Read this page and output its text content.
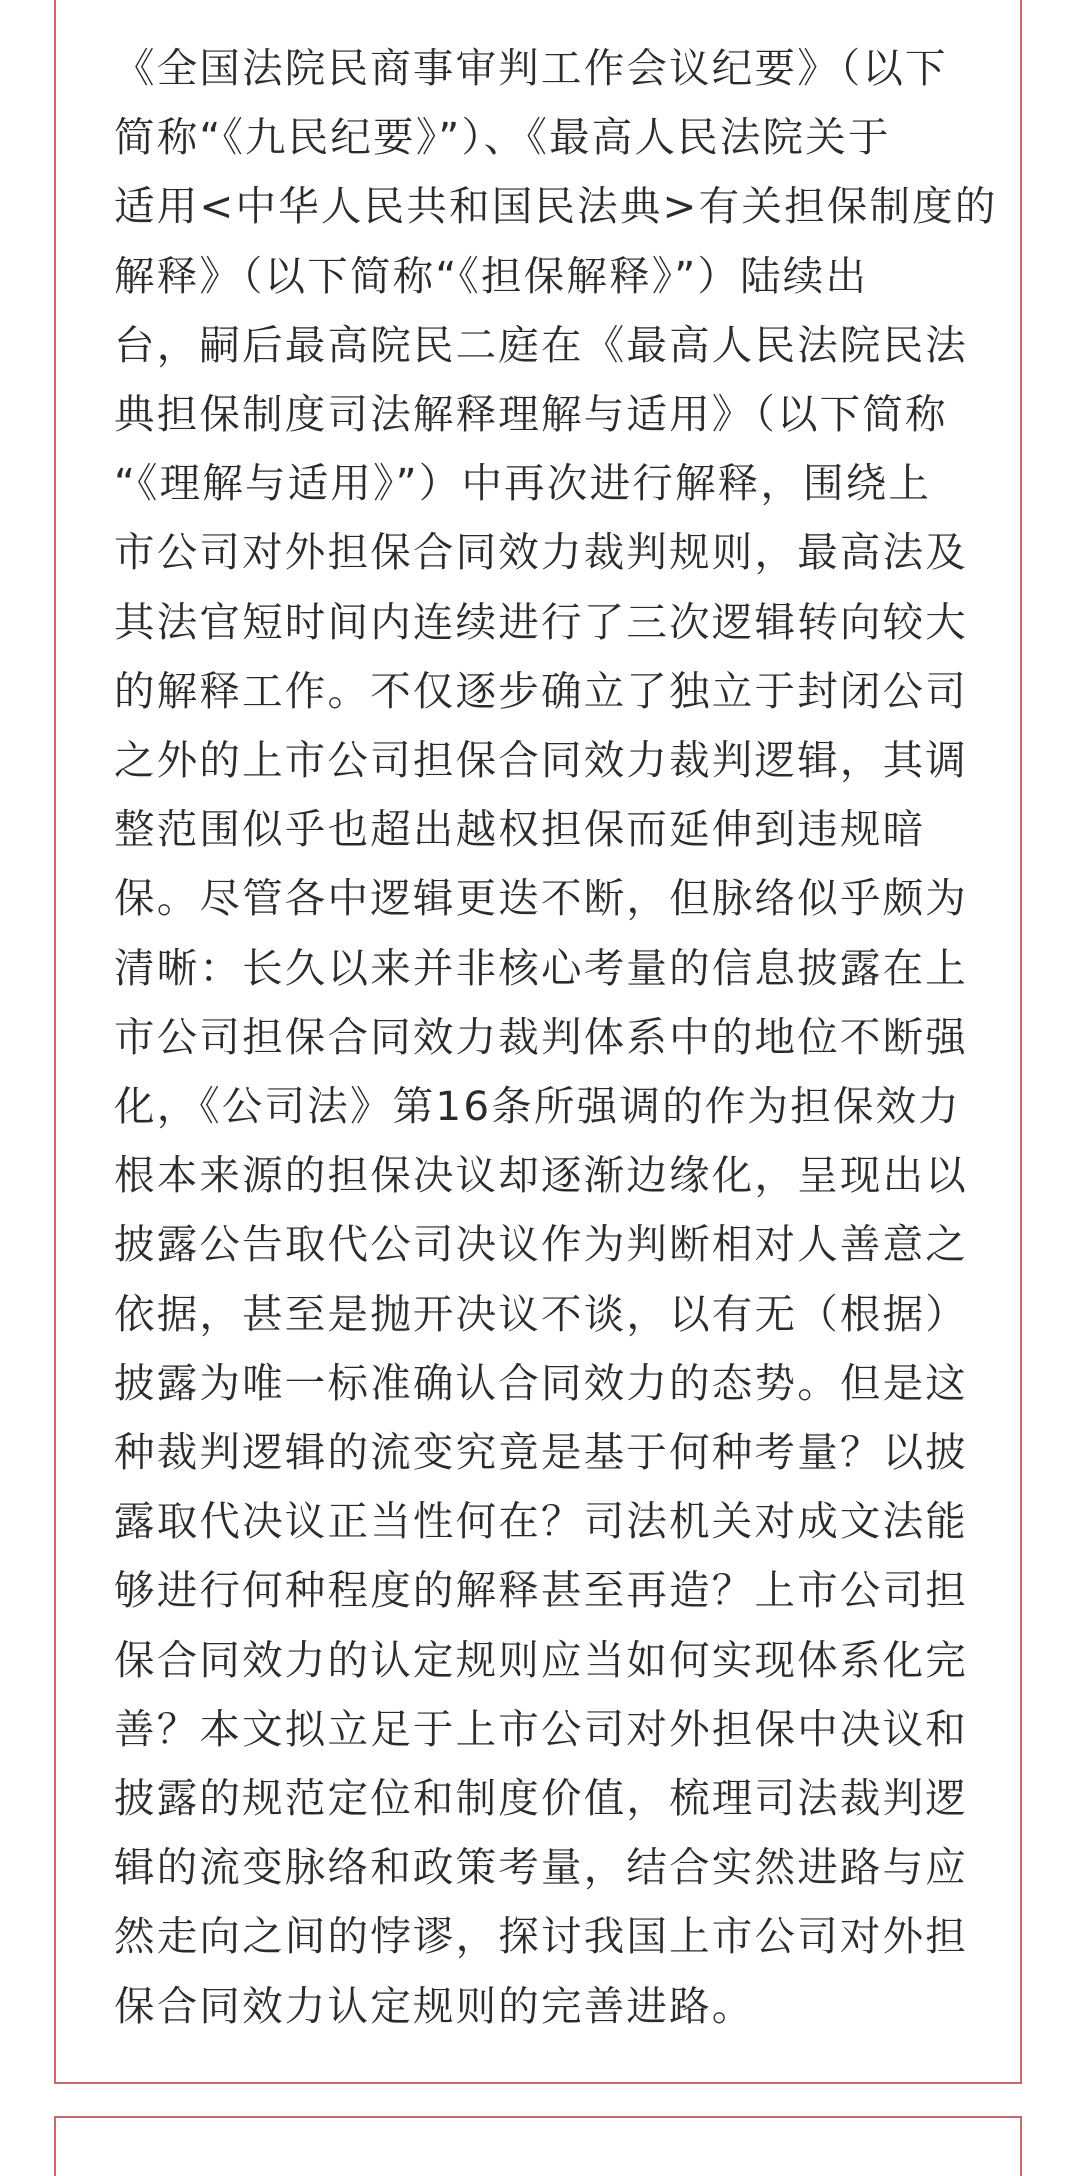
《全国法院民商事审判工作会议纪要》（以下
简称“《九民纪要》”）、《最高人民法院关于
适用<中华人民共和国民法典>有关担保制度的
解释》（以下简称“《担保解释》”）陆续出
台，嗣后最高院民二庭在《最高人民法院民法
典担保制度司法解释理解与适用》（以下简称
“《理解与适用》”）中再次进行解释，围绕上
市公司对外担保合同效力裁判规则，最高法及
其法官短时间内连续进行了三次逻辑转向较大
的解释工作。不仅逐步确立了独立于封闭公司
之外的上市公司担保合同效力裁判逻辑，其调
整范围似乎也超出越权担保而延伸到违规暗
保。尽管各中逻辑更迭不断，但脉络似乎颇为
清晰：长久以来并非核心考量的信息披露在上
市公司担保合同效力裁判体系中的地位不断强
化，《公司法》第16条所强调的作为担保效力
根本来源的担保决议却逐渐边缘化，呈现出以
披露公告取代公司决议作为判断相对人善意之
依据，甚至是抛开决议不谈，以有无（根据）
披露为唯一标准确认合同效力的态势。但是这
种裁判逻辑的流变究竟是基于何种考量？以披
露取代决议正当性何在？司法机关对成文法能
够进行何种程度的解释甚至再造？上市公司担
保合同效力的认定规则应当如何实现体系化完
善？本文拟立足于上市公司对外担保中决议和
披露的规范定位和制度价值，梳理司法裁判逻
辑的流变脉络和政策考量，结合实然进路与应
然走向之间的悖谬，探讨我国上市公司对外担
保合同效力认定规则的完善进路。
